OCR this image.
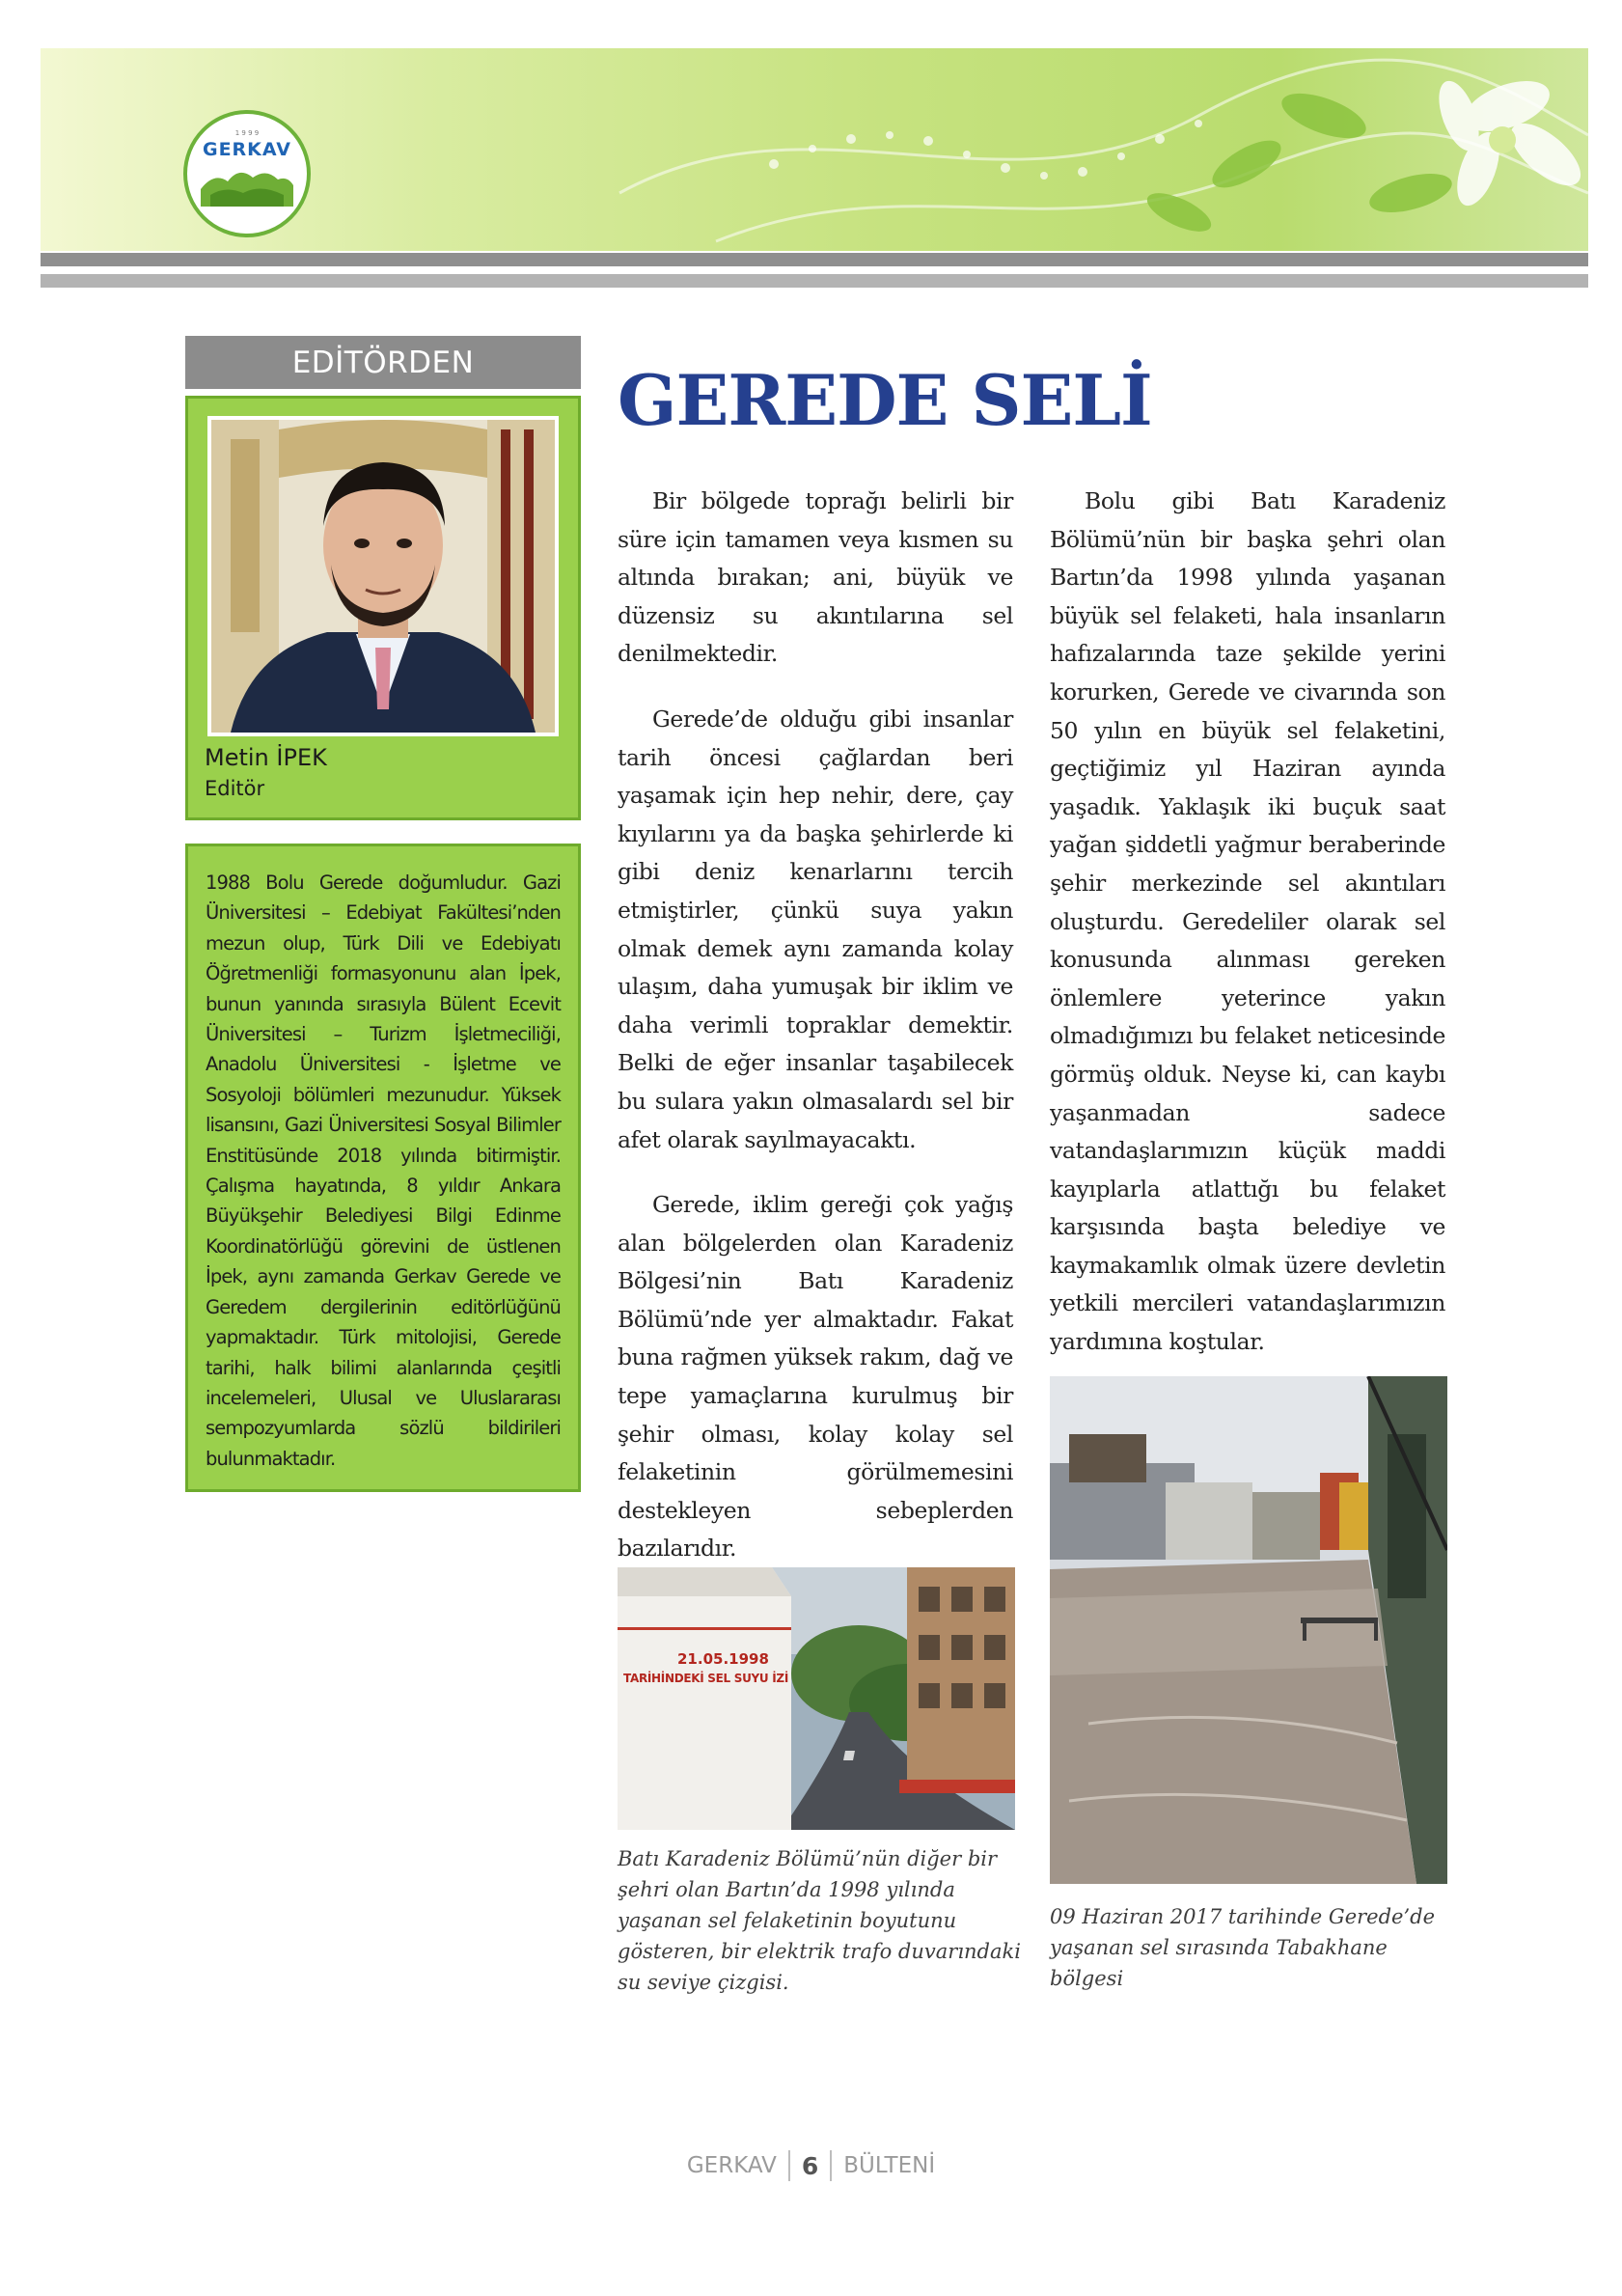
1 9 9 9
GERKAV
EDİTÖRDEN
Metin İPEK
Editör

1988 Bolu Gerede doğumludur. Gazi Üniversitesi – Edebiyat Fakültesi’nden mezun olup, Türk Dili ve Edebiyatı Öğretmenliği formasyonunu alan İpek, bunun yanında sırasıyla Bülent Ecevit Üniversitesi – Turizm İşletmeciliği, Anadolu Üniversitesi - İşletme ve Sosyoloji bölümleri mezunudur. Yüksek lisansını, Gazi Üniversitesi Sosyal Bilimler Enstitüsünde 2018 yılında bitirmiştir. Çalışma hayatında, 8 yıldır Ankara Büyükşehir Belediyesi Bilgi Edinme Koordinatörlüğü görevini de üstlenen İpek, aynı zamanda Gerkav Gerede ve Geredem dergilerinin editörlüğünü yapmaktadır. Türk mitolojisi, Gerede tarihi, halk bilimi alanlarında çeşitli incelemeleri, Ulusal ve Uluslararası sempozyumlarda sözlü bildirileri bulunmaktadır.

GEREDE SELİ

Bir bölgede toprağı belirli bir süre için tamamen veya kısmen su altında bırakan; ani, büyük ve düzensiz su akıntılarına sel denilmektedir.

Gerede’de olduğu gibi insanlar tarih öncesi çağlardan beri yaşamak için hep nehir, dere, çay kıyılarını ya da başka şehirlerde ki gibi deniz kenarlarını tercih etmiştirler, çünkü suya yakın olmak demek aynı zamanda kolay ulaşım, daha yumuşak bir iklim ve daha verimli topraklar demektir. Belki de eğer insanlar taşabilecek bu sulara yakın olmasalardı sel bir afet olarak sayılmayacaktı.

Gerede, iklim gereği çok yağış alan bölgelerden olan Karadeniz Bölgesi’nin Batı Karadeniz Bölümü’nde yer almaktadır. Fakat buna rağmen yüksek rakım, dağ ve tepe yamaçlarına kurulmuş bir şehir olması, kolay kolay sel felaketinin görülmemesini destekleyen sebeplerden bazılarıdır.

Bolu gibi Batı Karadeniz Bölümü’nün bir başka şehri olan Bartın’da 1998 yılında yaşanan büyük sel felaketi, hala insanların hafızalarında taze şekilde yerini korurken, Gerede ve civarında son 50 yılın en büyük sel felaketini, geçtiğimiz yıl Haziran ayında yaşadık. Yaklaşık iki buçuk saat yağan şiddetli yağmur beraberinde şehir merkezinde sel akıntıları oluşturdu. Geredeliler olarak sel konusunda alınması gereken önlemlere yeterince yakın olmadığımızı bu felaket neticesinde görmüş olduk. Neyse ki, can kaybı yaşanmadan sadece vatandaşlarımızın küçük maddi kayıplarla atlattığı bu felaket karşısında başta belediye ve kaymakamlık olmak üzere devletin yetkili mercileri vatandaşlarımızın yardımına koştular.

21.05.1998
TARİHİNDEKİ SEL SUYU İZİ
Batı Karadeniz Bölümü’nün diğer bir şehri olan Bartın’da 1998 yılında yaşanan sel felaketinin boyutunu gösteren, bir elektrik trafo duvarındaki su seviye çizgisi.
09 Haziran 2017 tarihinde Gerede’de yaşanan sel sırasında Tabakhane bölgesi
GERKAV 6 BÜLTENİ
